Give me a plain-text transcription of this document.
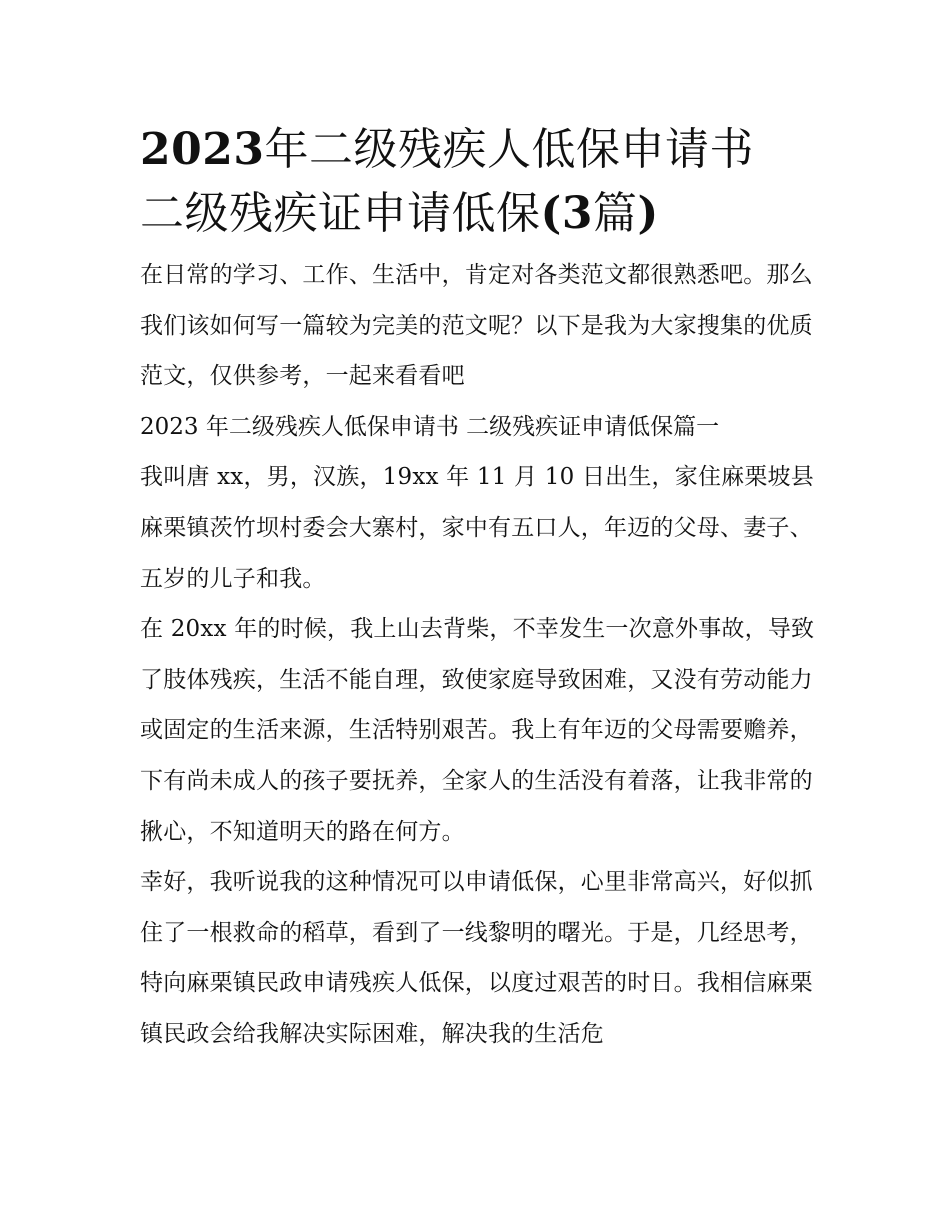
2023年二级残疾人低保申请书
二级残疾证申请低保(3篇)

在日常的学习、工作、生活中，肯定对各类范文都很熟悉吧。那么我们该如何写一篇较为完美的范文呢？以下是我为大家搜集的优质范文，仅供参考，一起来看看吧

2023 年二级残疾人低保申请书 二级残疾证申请低保篇一

我叫唐 xx，男，汉族，19xx 年 11 月 10 日出生，家住麻栗坡县麻栗镇茨竹坝村委会大寨村，家中有五口人，年迈的父母、妻子、五岁的儿子和我。

在 20xx 年的时候，我上山去背柴，不幸发生一次意外事故，导致了肢体残疾，生活不能自理，致使家庭导致困难，又没有劳动能力或固定的生活来源，生活特别艰苦。我上有年迈的父母需要赡养，下有尚未成人的孩子要抚养，全家人的生活没有着落，让我非常的揪心，不知道明天的路在何方。

幸好，我听说我的这种情况可以申请低保，心里非常高兴，好似抓住了一根救命的稻草，看到了一线黎明的曙光。于是，几经思考，特向麻栗镇民政申请残疾人低保，以度过艰苦的时日。我相信麻栗镇民政会给我解决实际困难，解决我的生活危
